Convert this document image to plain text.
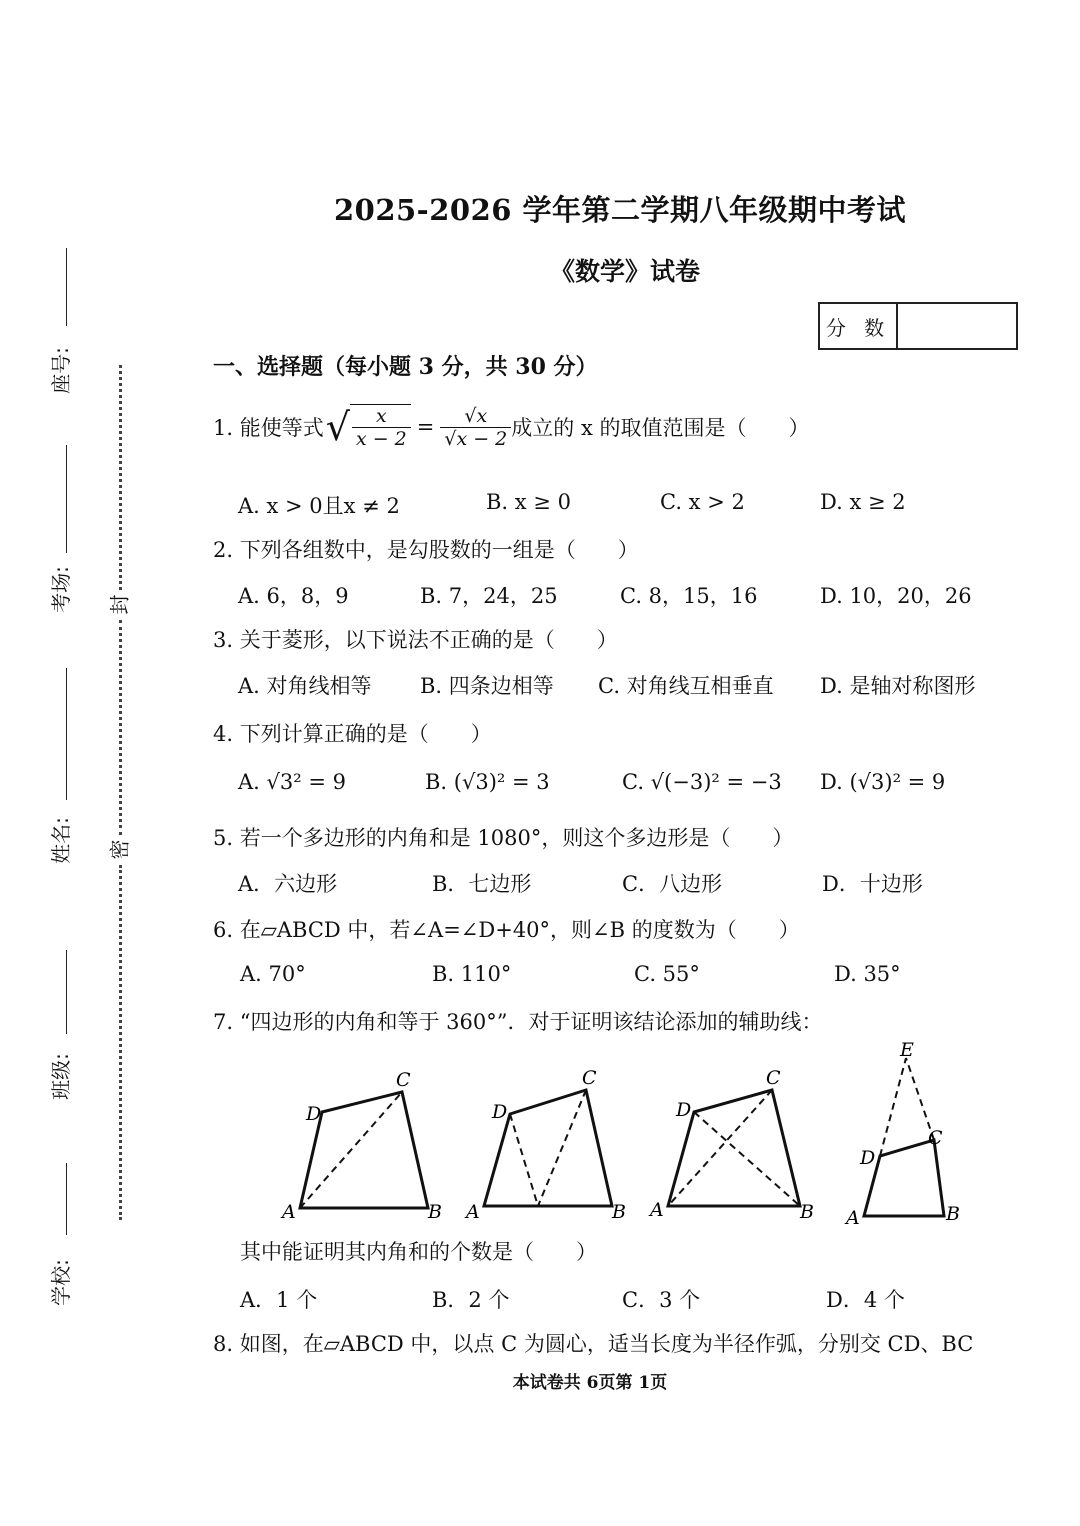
座号:
考场:
姓名:
班级:
学校:
封
密
2025-2026 学年第二学期八年级期中考试
《数学》试卷
分 数
一、选择题（每小题 3 分，共 30 分）
1. 能使等式 √ $\frac{x}{x - 2} = \frac{√x}{√x - 2}$ 成立的 x 的取值范围是（　　）
A. x > 0且x ≠ 2	B. x ≥ 0	C. x > 2	D. x ≥ 2
2. 下列各组数中，是勾股数的一组是（　　）
A. 6，8，9	B. 7，24，25	C. 8，15，16	D. 10，20，26
3. 关于菱形，以下说法不正确的是（　　）
A. 对角线相等 B. 四条边相等 C. 对角线互相垂直 D. 是轴对称图形
4. 下列计算正确的是（　　）
A. √3² = 9	B. (√3)² = 3	C. √(−3)² = −3 D. (√3)² = 9
5. 若一个多边形的内角和是 1080°，则这个多边形是（　　）
A．六边形	B．七边形	C．八边形	D．十边形
6. 在▱ABCD 中，若∠A=∠D+40°，则∠B 的度数为（　　）
A. 70°	B. 110°	C. 55°	D. 35°
7. “四边形的内角和等于 360°”．对于证明该结论添加的辅助线：
A	B
C
D
A	B
C
D
A	B
C
D
A	B
C
D
E
其中能证明其内角和的个数是（　　）
A．1 个	B．2 个	C．3 个	D．4 个
8. 如图，在▱ABCD 中，以点 C 为圆心，适当长度为半径作弧，分别交 CD、BC
本试卷共 6页第 1页
